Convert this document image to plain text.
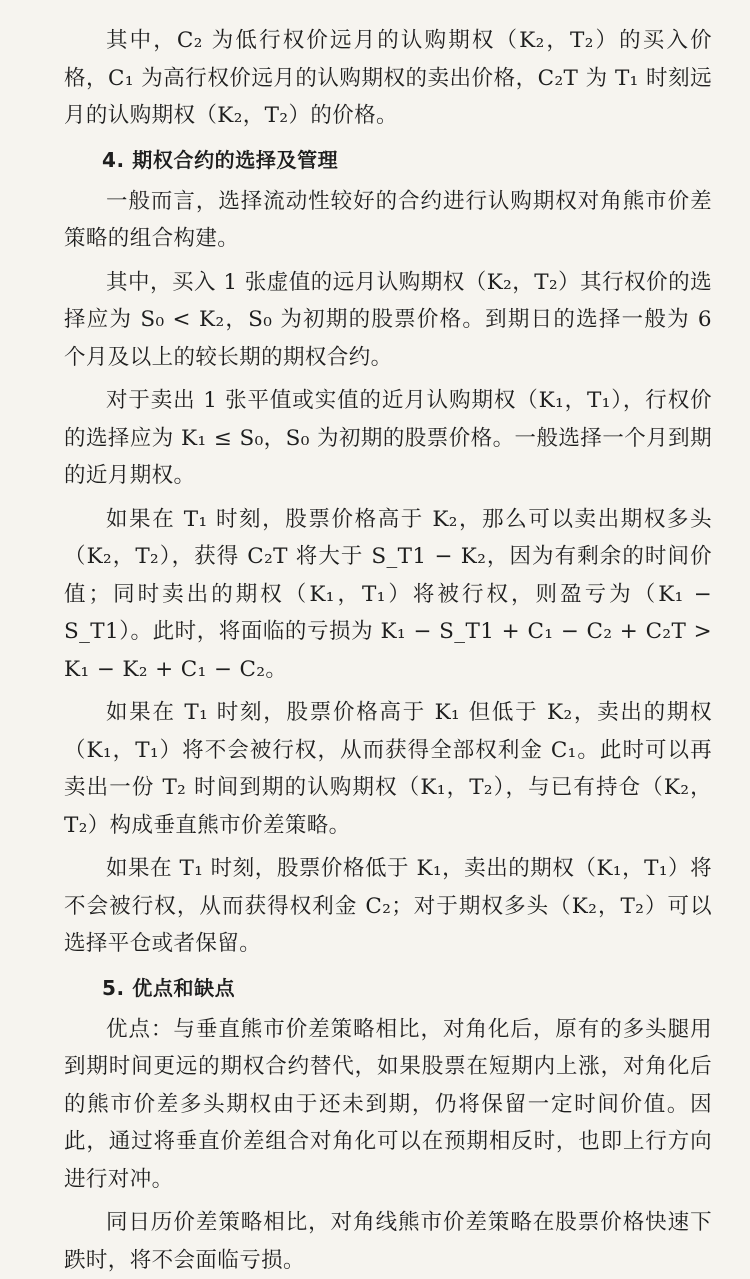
其中，C₂ 为低行权价远月的认购期权（K₂，T₂）的买入价格，C₁ 为高行权价远月的认购期权的卖出价格，C₂T 为 T₁ 时刻远月的认购期权（K₂，T₂）的价格。

4. 期权合约的选择及管理

一般而言，选择流动性较好的合约进行认购期权对角熊市价差策略的组合构建。

其中，买入 1 张虚值的远月认购期权（K₂，T₂）其行权价的选择应为 S₀ < K₂，S₀ 为初期的股票价格。到期日的选择一般为 6 个月及以上的较长期的期权合约。

对于卖出 1 张平值或实值的近月认购期权（K₁，T₁），行权价的选择应为 K₁ ≤ S₀，S₀ 为初期的股票价格。一般选择一个月到期的近月期权。

如果在 T₁ 时刻，股票价格高于 K₂，那么可以卖出期权多头（K₂，T₂），获得 C₂T 将大于 S_T1 − K₂，因为有剩余的时间价值；同时卖出的期权（K₁，T₁）将被行权，则盈亏为（K₁ − S_T1）。此时，将面临的亏损为 K₁ − S_T1 + C₁ − C₂ + C₂T > K₁ − K₂ + C₁ − C₂。

如果在 T₁ 时刻，股票价格高于 K₁ 但低于 K₂，卖出的期权（K₁，T₁）将不会被行权，从而获得全部权利金 C₁。此时可以再卖出一份 T₂ 时间到期的认购期权（K₁，T₂），与已有持仓（K₂，T₂）构成垂直熊市价差策略。

如果在 T₁ 时刻，股票价格低于 K₁，卖出的期权（K₁，T₁）将不会被行权，从而获得权利金 C₂；对于期权多头（K₂，T₂）可以选择平仓或者保留。

5. 优点和缺点

优点：与垂直熊市价差策略相比，对角化后，原有的多头腿用到期时间更远的期权合约替代，如果股票在短期内上涨，对角化后的熊市价差多头期权由于还未到期，仍将保留一定时间价值。因此，通过将垂直价差组合对角化可以在预期相反时，也即上行方向进行对冲。

同日历价差策略相比，对角线熊市价差策略在股票价格快速下跌时，将不会面临亏损。
